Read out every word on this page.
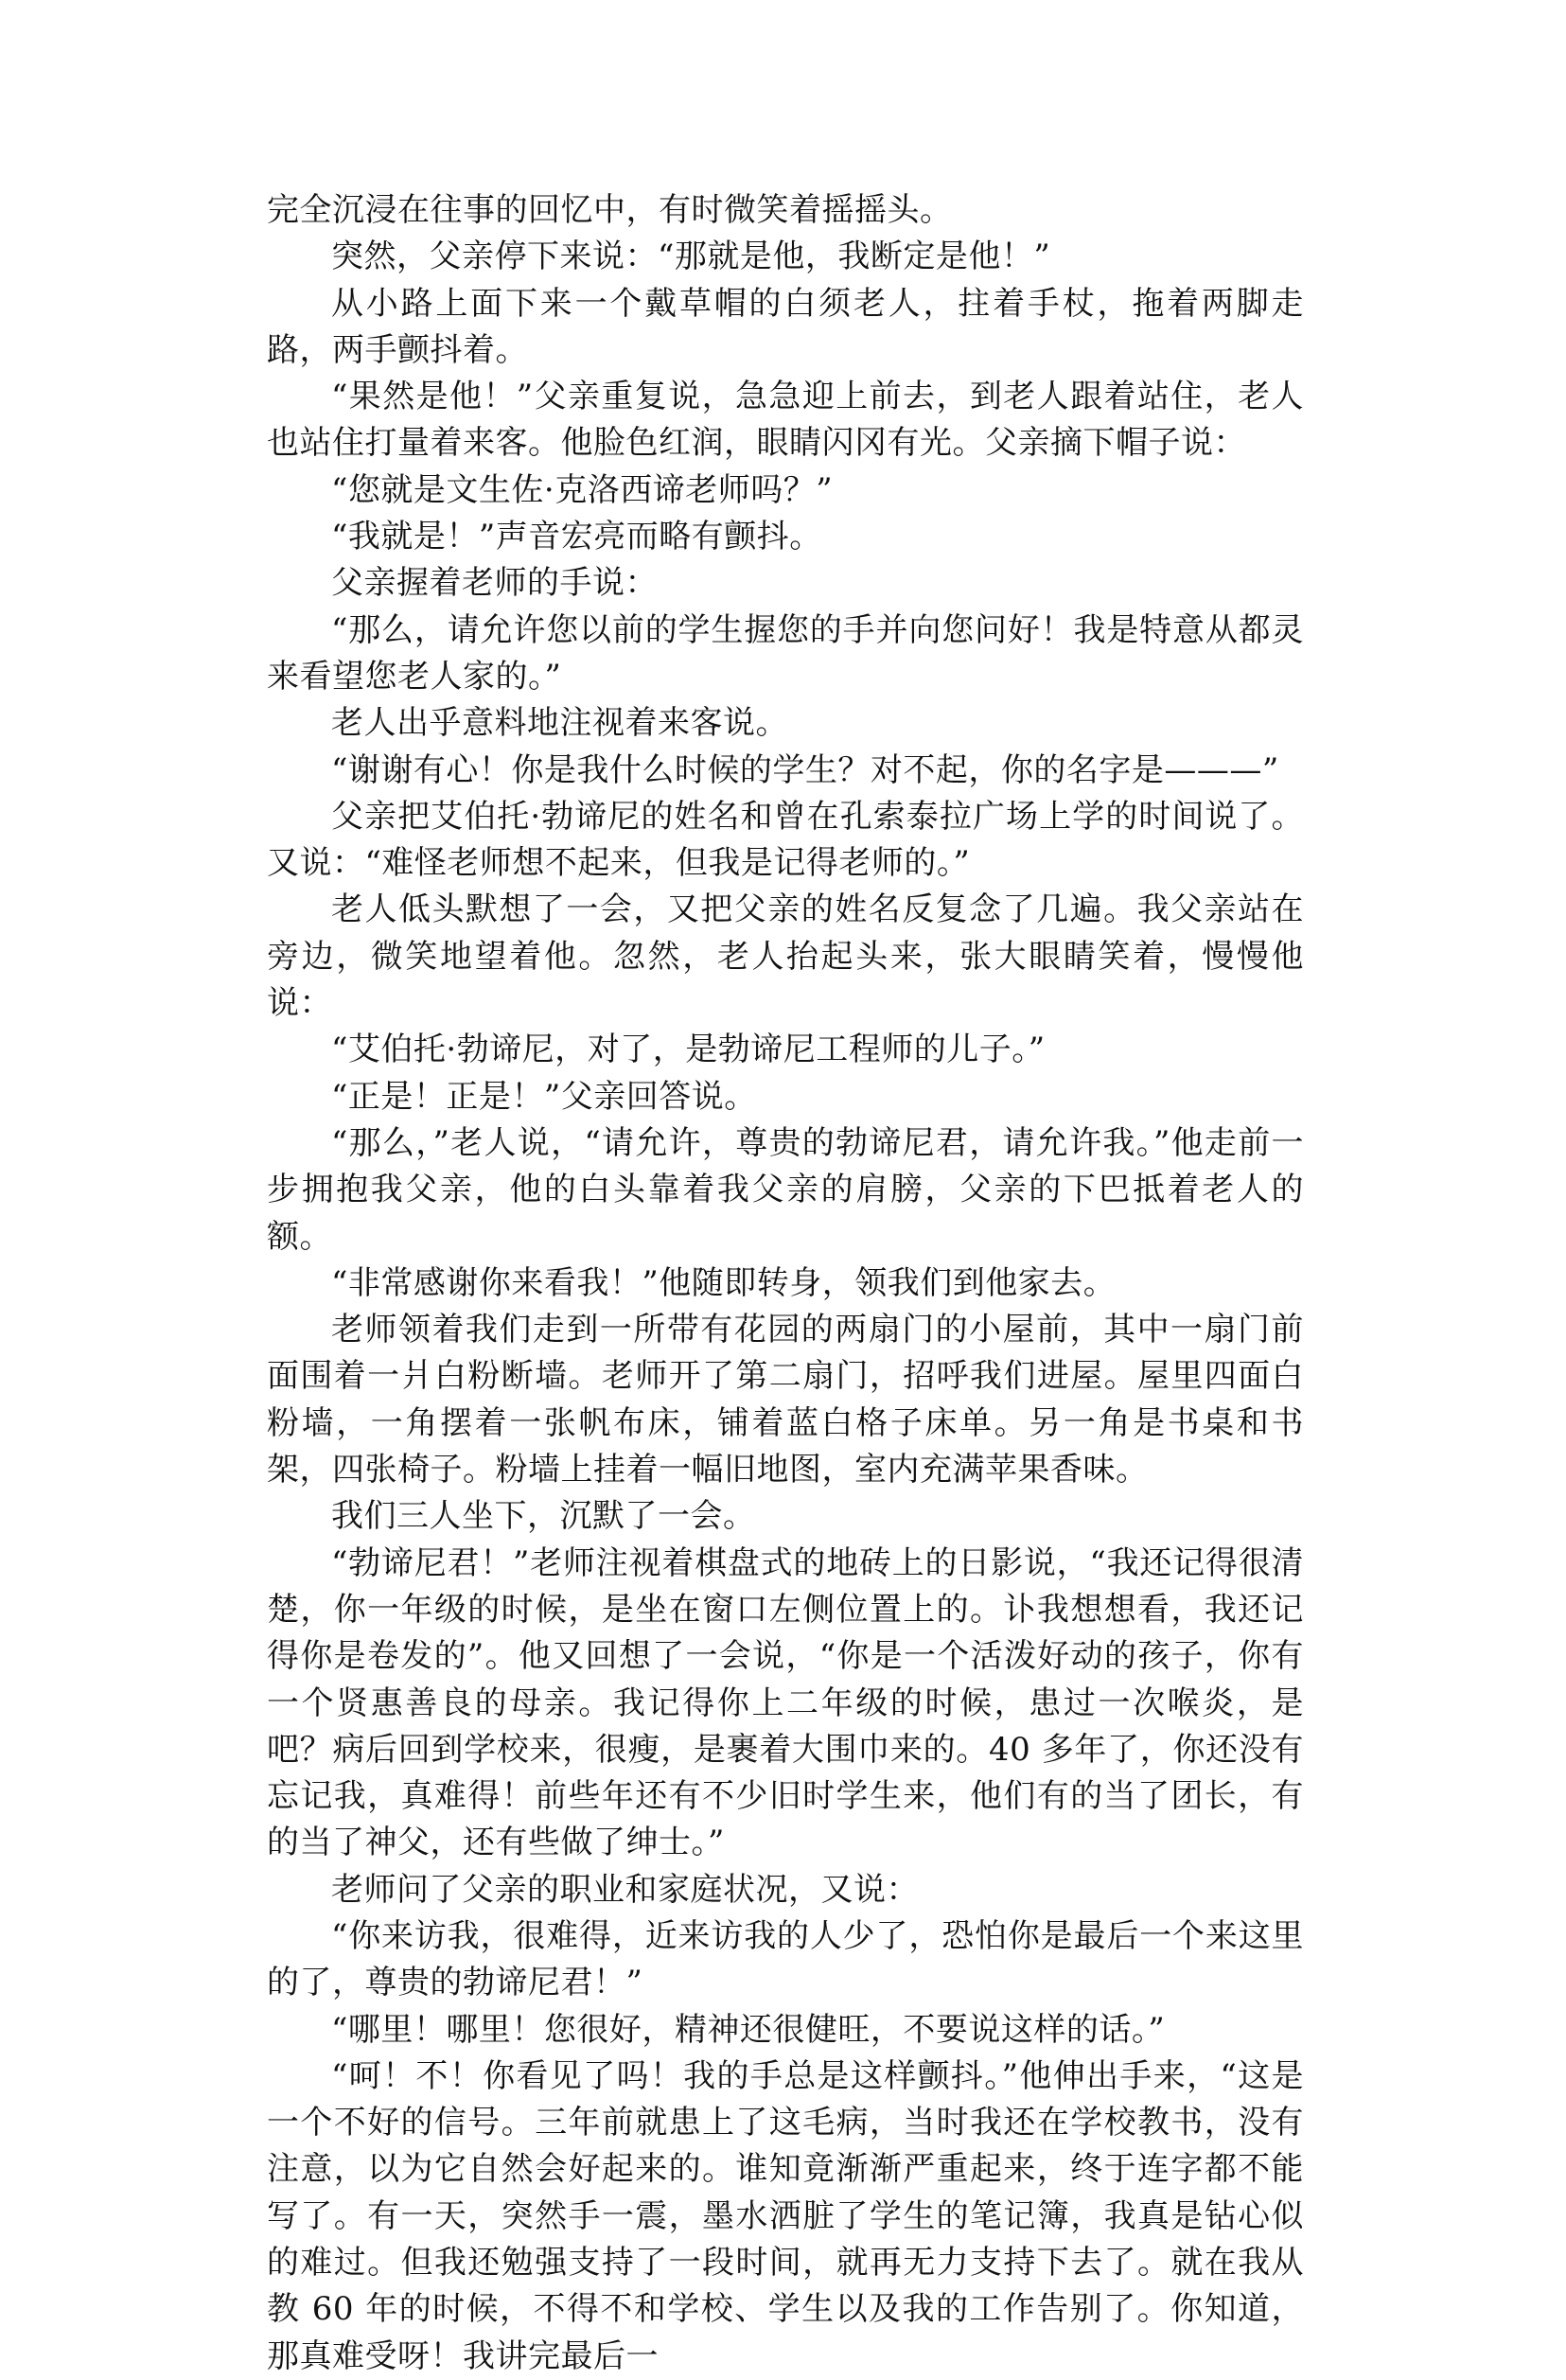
完全沉浸在往事的回忆中，有时微笑着摇摇头。

突然，父亲停下来说：“那就是他，我断定是他！”

从小路上面下来一个戴草帽的白须老人，拄着手杖，拖着两脚走路，两手颤抖着。

“果然是他！”父亲重复说，急急迎上前去，到老人跟着站住，老人也站住打量着来客。他脸色红润，眼睛闪冈有光。父亲摘下帽子说：

“您就是文生佐·克洛西谛老师吗？”

“我就是！”声音宏亮而略有颤抖。

父亲握着老师的手说：

“那么，请允许您以前的学生握您的手并向您问好！我是特意从都灵来看望您老人家的。”

老人出乎意料地注视着来客说。

“谢谢有心！你是我什么时候的学生？对不起，你的名字是———”

父亲把艾伯托·勃谛尼的姓名和曾在孔索泰拉广场上学的时间说了。又说：“难怪老师想不起来，但我是记得老师的。”

老人低头默想了一会，又把父亲的姓名反复念了几遍。我父亲站在旁边，微笑地望着他。忽然，老人抬起头来，张大眼睛笑着，慢慢他说：

“艾伯托·勃谛尼，对了，是勃谛尼工程师的儿子。”

“正是！正是！”父亲回答说。

“那么，”老人说，“请允许，尊贵的勃谛尼君，请允许我。”他走前一步拥抱我父亲，他的白头靠着我父亲的肩膀，父亲的下巴抵着老人的额。

“非常感谢你来看我！”他随即转身，领我们到他家去。

老师领着我们走到一所带有花园的两扇门的小屋前，其中一扇门前面围着一爿白粉断墙。老师开了第二扇门，招呼我们进屋。屋里四面白粉墙，一角摆着一张帆布床，铺着蓝白格子床单。另一角是书桌和书架，四张椅子。粉墙上挂着一幅旧地图，室内充满苹果香味。

我们三人坐下，沉默了一会。

“勃谛尼君！”老师注视着棋盘式的地砖上的日影说，“我还记得很清楚，你一年级的时候，是坐在窗口左侧位置上的。讣我想想看，我还记得你是卷发的”。他又回想了一会说，“你是一个活泼好动的孩子，你有一个贤惠善良的母亲。我记得你上二年级的时候，患过一次喉炎，是吧？病后回到学校来，很瘦，是裹着大围巾来的。40 多年了，你还没有忘记我，真难得！前些年还有不少旧时学生来，他们有的当了团长，有的当了神父，还有些做了绅士。”

老师问了父亲的职业和家庭状况，又说：

“你来访我，很难得，近来访我的人少了，恐怕你是最后一个来这里的了，尊贵的勃谛尼君！”

“哪里！哪里！您很好，精神还很健旺，不要说这样的话。”

“呵！不！你看见了吗！我的手总是这样颤抖。”他伸出手来，“这是一个不好的信号。三年前就患上了这毛病，当时我还在学校教书，没有注意，以为它自然会好起来的。谁知竟渐渐严重起来，终于连字都不能写了。有一天，突然手一震，墨水洒脏了学生的笔记簿，我真是钻心似的难过。但我还勉强支持了一段时间，就再无力支持下去了。就在我从教 60 年的时候，不得不和学校、学生以及我的工作告别了。你知道，那真难受呀！我讲完最后一
